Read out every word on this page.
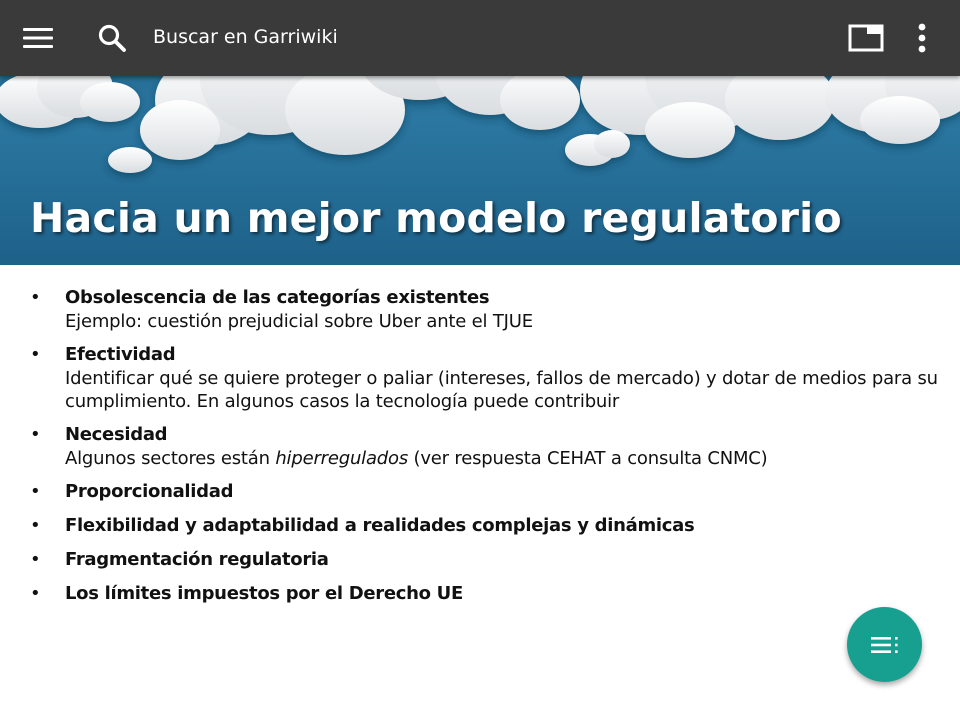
Hacia un mejor modelo regulatorio
Buscar en Garriwiki
• Obsolescencia de las categorías existentes
Ejemplo: cuestión prejudicial sobre Uber ante el TJUE
• Efectividad
Identificar qué se quiere proteger o paliar (intereses, fallos de mercado) y dotar de medios para su cumplimiento. En algunos casos la tecnología puede contribuir
• Necesidad
Algunos sectores están hiperregulados (ver respuesta CEHAT a consulta CNMC)
• Proporcionalidad
• Flexibilidad y adaptabilidad a realidades complejas y dinámicas
• Fragmentación regulatoria
• Los límites impuestos por el Derecho UE
